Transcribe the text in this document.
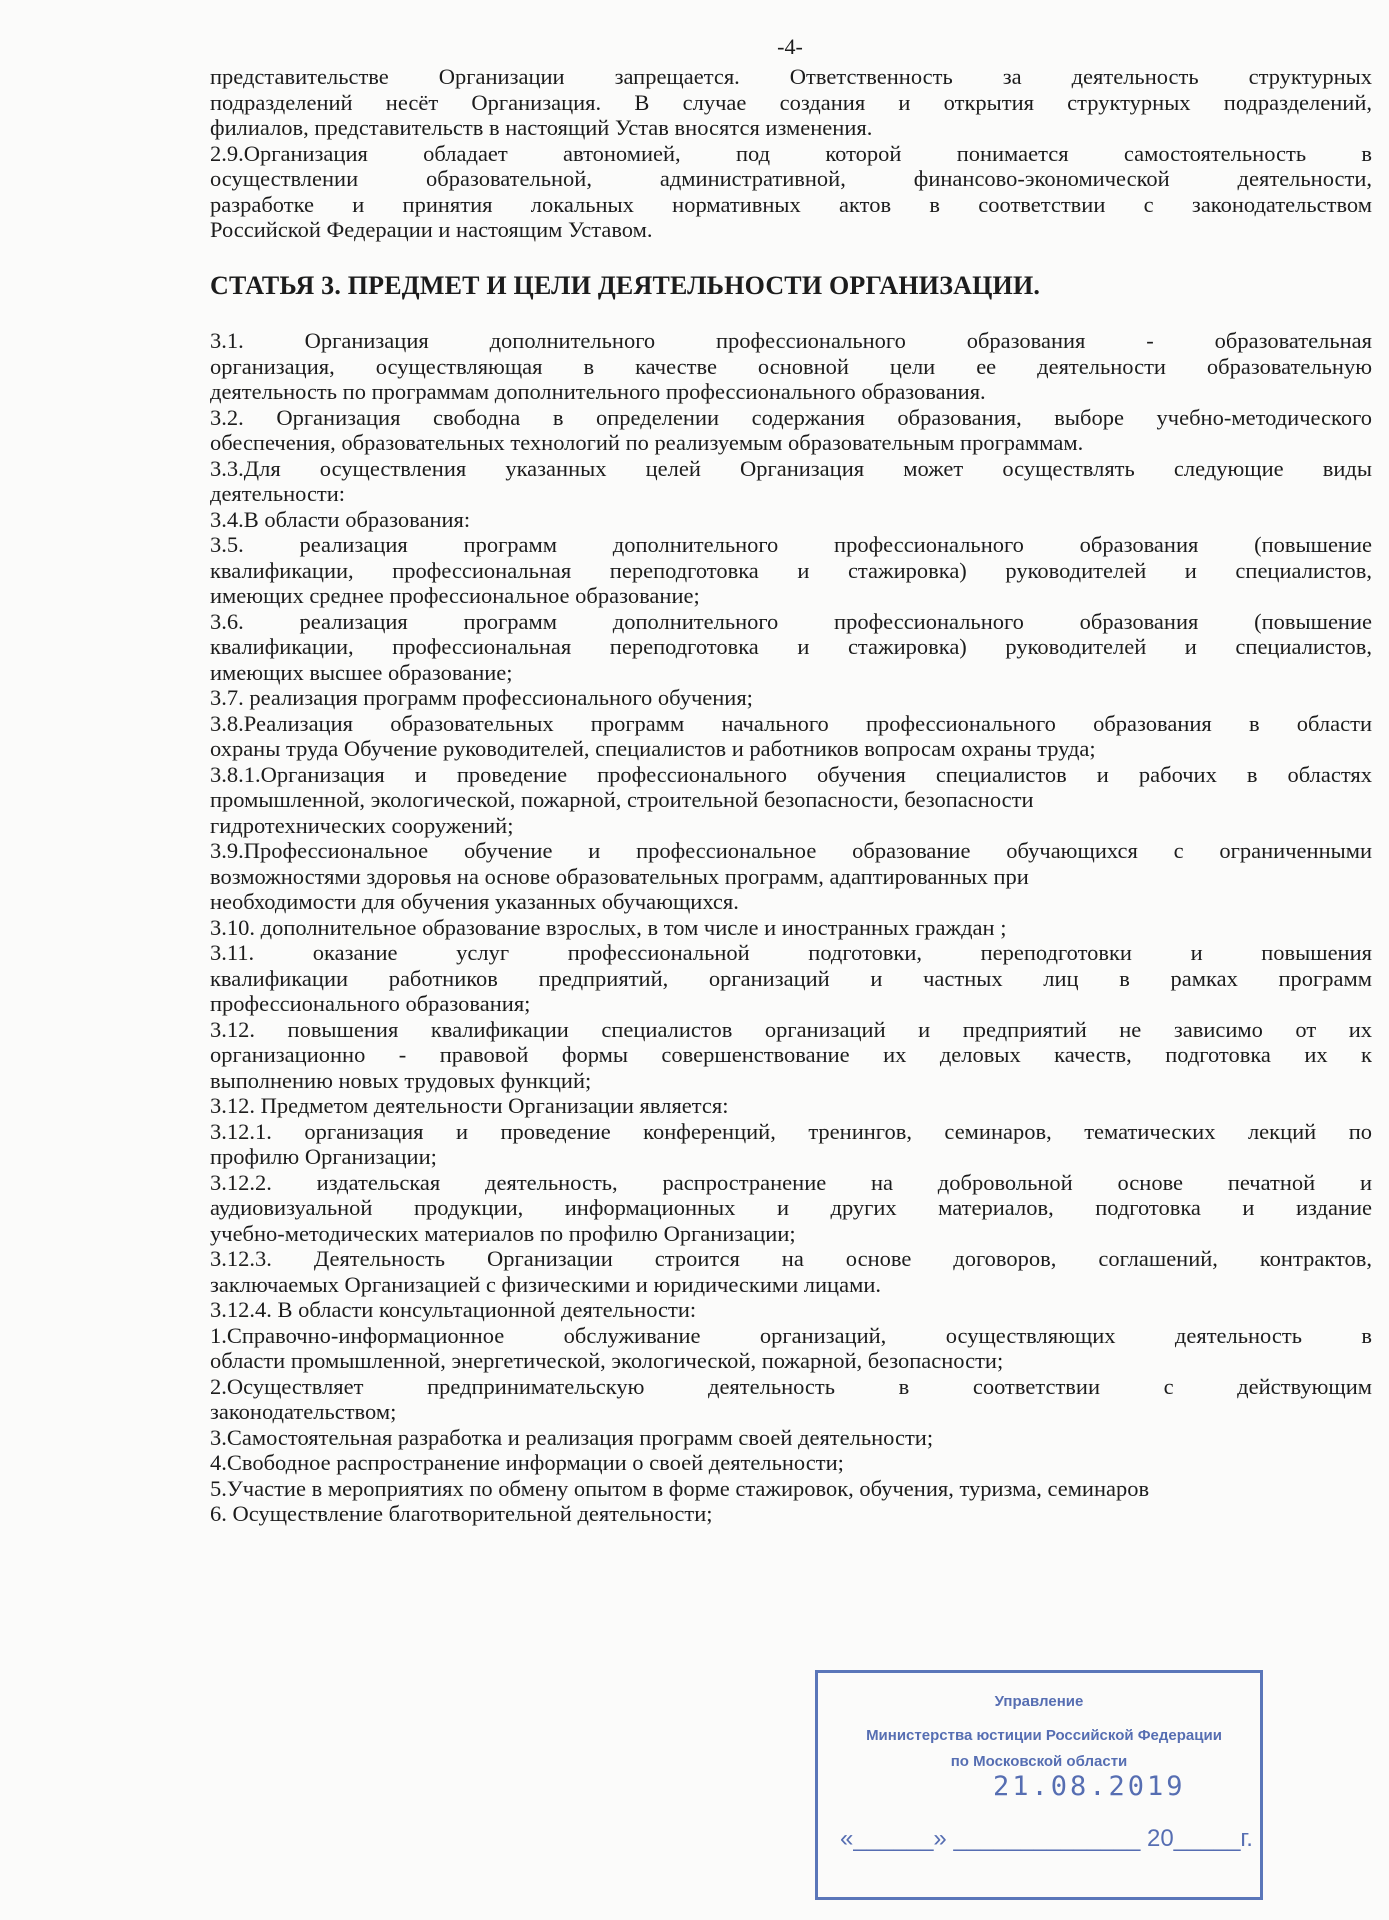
-4-

представительстве Организации запрещается. Ответственность за деятельность структурных

подразделений несёт Организация. В случае создания и открытия структурных подразделений,

филиалов, представительств в настоящий Устав вносятся изменения.

2.9.Организация обладает автономией, под которой понимается самостоятельность в

осуществлении образовательной, административной, финансово-экономической деятельности,

разработке и принятия локальных нормативных актов в соответствии с законодательством

Российской Федерации и настоящим Уставом.

СТАТЬЯ 3. ПРЕДМЕТ И ЦЕЛИ ДЕЯТЕЛЬНОСТИ ОРГАНИЗАЦИИ.

3.1. Организация дополнительного профессионального образования - образовательная

организация, осуществляющая в качестве основной цели ее деятельности образовательную

деятельность по программам дополнительного профессионального образования.

3.2. Организация свободна в определении содержания образования, выборе учебно-методического

обеспечения, образовательных технологий по реализуемым образовательным программам.

3.3.Для осуществления указанных целей Организация может осуществлять следующие виды

деятельности:

3.4.В области образования:

3.5. реализация программ дополнительного профессионального образования (повышение

квалификации, профессиональная переподготовка и стажировка) руководителей и специалистов,

имеющих среднее профессиональное образование;

3.6. реализация программ дополнительного профессионального образования (повышение

квалификации, профессиональная переподготовка и стажировка) руководителей и специалистов,

имеющих высшее образование;

3.7. реализация программ профессионального обучения;

3.8.Реализация образовательных программ начального профессионального образования в области

охраны труда Обучение руководителей, специалистов и работников вопросам охраны труда;

3.8.1.Организация и проведение профессионального обучения специалистов и рабочих в областях

промышленной, экологической, пожарной, строительной безопасности, безопасности

гидротехнических сооружений;

3.9.Профессиональное обучение и профессиональное образование обучающихся с ограниченными

возможностями здоровья на основе образовательных программ, адаптированных при

необходимости для обучения указанных обучающихся.

3.10. дополнительное образование взрослых, в том числе и иностранных граждан ;

3.11. оказание услуг профессиональной подготовки, переподготовки и повышения

квалификации работников предприятий, организаций и частных лиц в рамках программ

профессионального образования;

3.12. повышения квалификации специалистов организаций и предприятий не зависимо от их

организационно - правовой формы совершенствование их деловых качеств, подготовка их к

выполнению новых трудовых функций;

3.12. Предметом деятельности Организации является:

3.12.1. организация и проведение конференций, тренингов, семинаров, тематических лекций по

профилю Организации;

3.12.2. издательская деятельность, распространение на добровольной основе печатной и

аудиовизуальной продукции, информационных и других материалов, подготовка и издание

учебно-методических материалов по профилю Организации;

3.12.3. Деятельность Организации строится на основе договоров, соглашений, контрактов,

заключаемых Организацией с физическими и юридическими лицами.

3.12.4. В области консультационной деятельности:

1.Справочно-информационное обслуживание организаций, осуществляющих деятельность в

области промышленной, энергетической, экологической, пожарной, безопасности;

2.Осуществляет предпринимательскую деятельность в соответствии с действующим

законодательством;

3.Самостоятельная разработка и реализация программ своей деятельности;

4.Свободное распространение информации о своей деятельности;

5.Участие в мероприятиях по обмену опытом в форме стажировок, обучения, туризма, семинаров

6. Осуществление благотворительной деятельности;

Управление
Министерства юстиции Российской Федерации
по Московской области
21.08.2019
«______» ______________ 20_____г.
